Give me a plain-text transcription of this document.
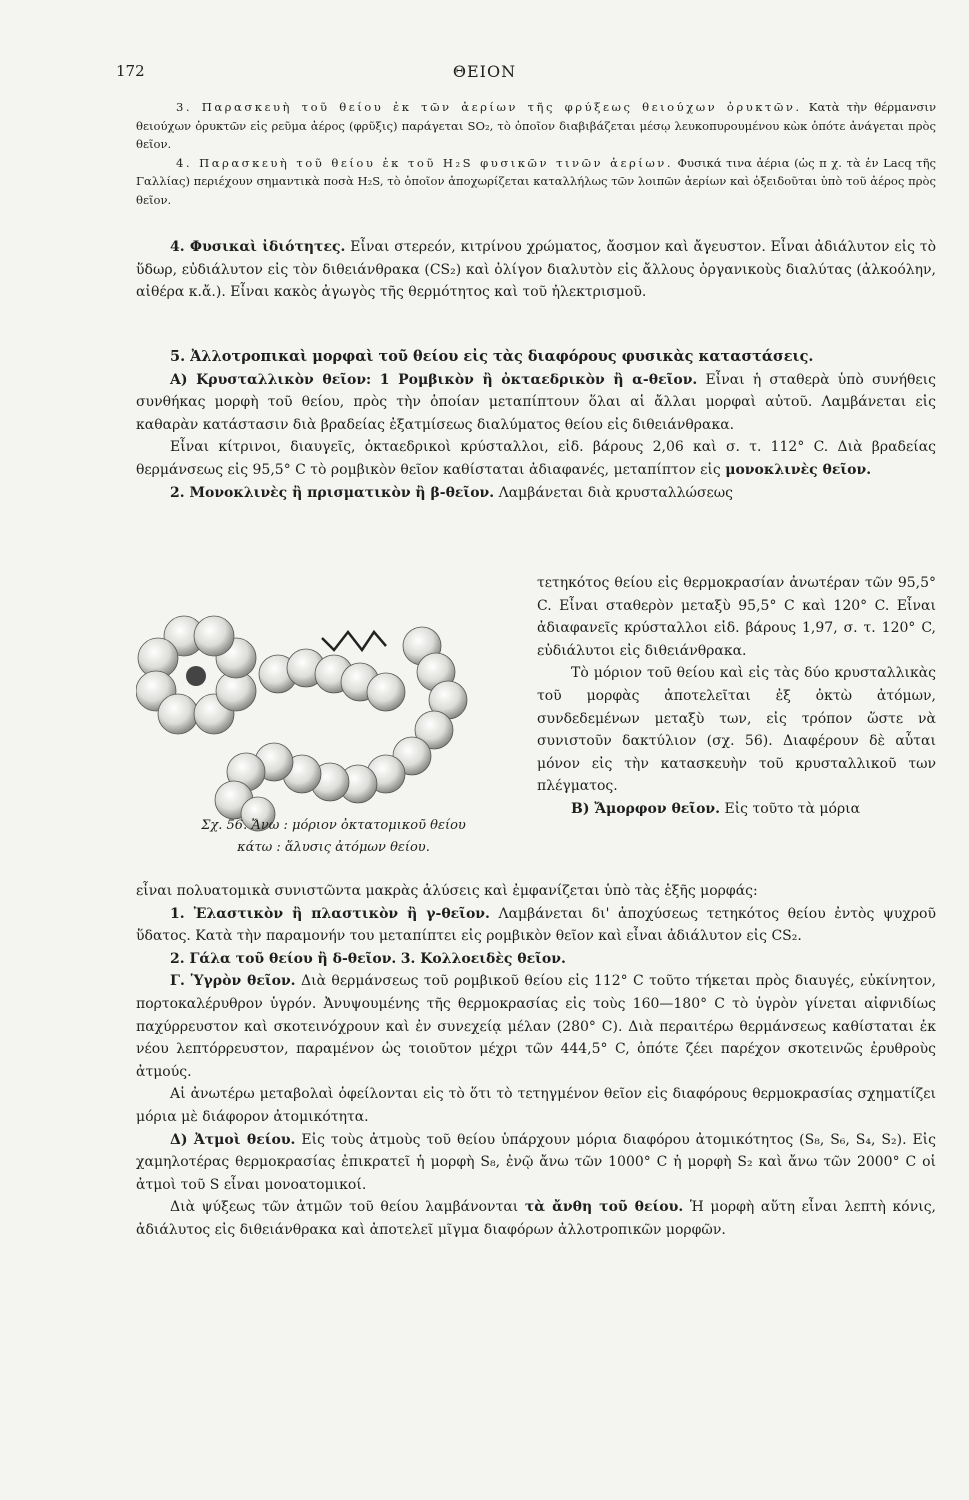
172	ΘΕΙΟΝ

3. Παρασκευὴ τοῦ θείου ἐκ τῶν ἀερίων τῆς φρύξεως θειούχων ὀρυκτῶν. Κατὰ τὴν θέρμανσιν θειούχων ὀρυκτῶν εἰς ρεῦμα ἀέρος (φρῦξις) παράγεται SO₂, τὸ ὁποῖον διαβιβάζεται μέσῳ λευκοπυρουμένου κὼκ ὁπότε ἀνάγεται πρὸς θεῖον.

4. Παρασκευὴ τοῦ θείου ἐκ τοῦ H₂S φυσικῶν τινῶν ἀερίων. Φυσικά τινα ἀέρια (ὡς π χ. τὰ ἐν Lacq τῆς Γαλλίας) περιέχουν σημαντικὰ ποσὰ H₂S, τὸ ὁποῖον ἀποχωρίζεται καταλλήλως τῶν λοιπῶν ἀερίων καὶ ὀξειδοῦται ὑπὸ τοῦ ἀέρος πρὸς θεῖον.

4. Φυσικαὶ ἰδιότητες. Εἶναι στερεόν, κιτρίνου χρώματος, ἄοσμον καὶ ἄγευστον. Εἶναι ἀδιάλυτον εἰς τὸ ὕδωρ, εὐδιάλυτον εἰς τὸν διθειάνθρακα (CS₂) καὶ ὀλίγον διαλυτὸν εἰς ἄλλους ὀργανικοὺς διαλύτας (ἀλκοόλην, αἰθέρα κ.ἄ.). Εἶναι κακὸς ἀγωγὸς τῆς θερμότητος καὶ τοῦ ἠλεκτρισμοῦ.

5. Ἀλλοτροπικαὶ μορφαὶ τοῦ θείου εἰς τὰς διαφόρους φυσικὰς καταστάσεις.

Α) Κρυσταλλικὸν θεῖον: 1 Ρομβικὸν ἢ ὀκταεδρικὸν ἢ α-θεῖον. Εἶναι ἡ σταθερὰ ὑπὸ συνήθεις συνθήκας μορφὴ τοῦ θείου, πρὸς τὴν ὁποίαν μεταπίπτουν ὅλαι αἱ ἄλλαι μορφαὶ αὐτοῦ. Λαμβάνεται εἰς καθαρὰν κατάστασιν διὰ βραδείας ἐξατμίσεως διαλύματος θείου εἰς διθειάνθρακα.

Εἶναι κίτρινοι, διαυγεῖς, ὀκταεδρικοὶ κρύσταλλοι, εἰδ. βάρους 2,06 καὶ σ. τ. 112° C. Διὰ βραδείας θερμάνσεως εἰς 95,5° C τὸ ρομβικὸν θεῖον καθίσταται ἀδιαφανές, μεταπίπτον εἰς μονοκλινὲς θεῖον.

2. Μονοκλινὲς ἢ πρισματικὸν ἢ β-θεῖον. Λαμβάνεται διὰ κρυσταλλώσεως

Σχ. 56. Ἄνω : μόριον ὀκτατομικοῦ θείου
κάτω : ἅλυσις ἀτόμων θείου.

τετηκότος θείου εἰς θερμοκρασίαν ἀνωτέραν τῶν 95,5° C. Εἶναι σταθερὸν μεταξὺ 95,5° C καὶ 120° C. Εἶναι ἀδιαφανεῖς κρύσταλλοι εἰδ. βάρους 1,97, σ. τ. 120° C, εὐδιάλυτοι εἰς διθειάνθρακα.

Τὸ μόριον τοῦ θείου καὶ εἰς τὰς δύο κρυσταλλικὰς τοῦ μορφὰς ἀποτελεῖται ἐξ ὀκτὼ ἀτόμων, συνδεδεμένων μεταξὺ των, εἰς τρόπον ὥστε νὰ συνιστοῦν δακτύλιον (σχ. 56). Διαφέρουν δὲ αὗται μόνον εἰς τὴν κατασκευὴν τοῦ κρυσταλλικοῦ των πλέγματος.

Β) Ἄμορφον θεῖον. Εἰς τοῦτο τὰ μόρια

εἶναι πολυατομικὰ συνιστῶντα μακρὰς ἁλύσεις καὶ ἐμφανίζεται ὑπὸ τὰς ἑξῆς μορφάς:

1. Ἐλαστικὸν ἢ πλαστικὸν ἢ γ-θεῖον. Λαμβάνεται δι' ἀποχύσεως τετηκότος θείου ἐντὸς ψυχροῦ ὕδατος. Κατὰ τὴν παραμονήν του μεταπίπτει εἰς ρομβικὸν θεῖον καὶ εἶναι ἀδιάλυτον εἰς CS₂.

2. Γάλα τοῦ θείου ἢ δ-θεῖον. 3. Κολλοειδὲς θεῖον.

Γ. Ὑγρὸν θεῖον. Διὰ θερμάνσεως τοῦ ρομβικοῦ θείου εἰς 112° C τοῦτο τήκεται πρὸς διαυγές, εὐκίνητον, πορτοκαλέρυθρον ὑγρόν. Ἀνυψουμένης τῆς θερμοκρασίας εἰς τοὺς 160—180° C τὸ ὑγρὸν γίνεται αἰφνιδίως παχύρρευστον καὶ σκοτεινόχρουν καὶ ἐν συνεχείᾳ μέλαν (280° C). Διὰ περαιτέρω θερμάνσεως καθίσταται ἐκ νέου λεπτόρρευστον, παραμένον ὡς τοιοῦτον μέχρι τῶν 444,5° C, ὁπότε ζέει παρέχον σκοτεινῶς ἐρυθροὺς ἀτμούς.

Αἱ ἀνωτέρω μεταβολαὶ ὀφείλονται εἰς τὸ ὅτι τὸ τετηγμένον θεῖον εἰς διαφόρους θερμοκρασίας σχηματίζει μόρια μὲ διάφορον ἀτομικότητα.

Δ) Ἀτμοὶ θείου. Εἰς τοὺς ἀτμοὺς τοῦ θείου ὑπάρχουν μόρια διαφόρου ἀτομικότητος (S₈, S₆, S₄, S₂). Εἰς χαμηλοτέρας θερμοκρασίας ἐπικρατεῖ ἡ μορφὴ S₈, ἐνῷ ἄνω τῶν 1000° C ἡ μορφὴ S₂ καὶ ἄνω τῶν 2000° C οἱ ἀτμοὶ τοῦ S εἶναι μονοατομικοί.

Διὰ ψύξεως τῶν ἀτμῶν τοῦ θείου λαμβάνονται τὰ ἄνθη τοῦ θείου. Ἡ μορφὴ αὕτη εἶναι λεπτὴ κόνις, ἀδιάλυτος εἰς διθειάνθρακα καὶ ἀποτελεῖ μῖγμα διαφόρων ἀλλοτροπικῶν μορφῶν.
